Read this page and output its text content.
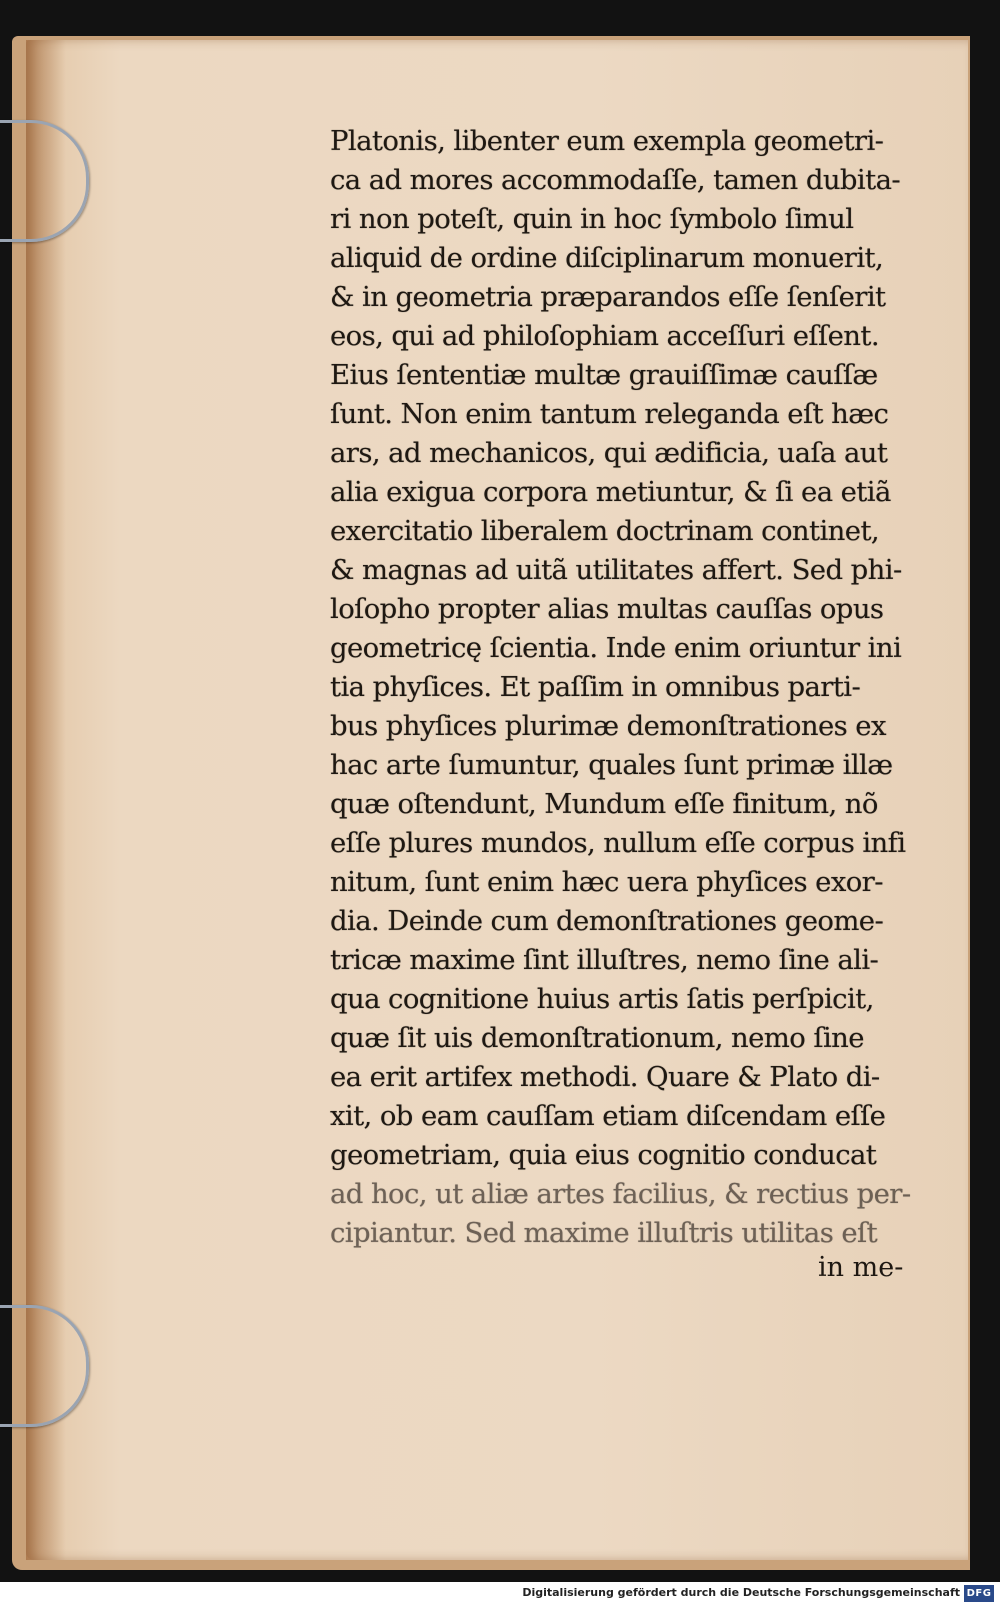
Platonis, libenter eum exempla geometri-
ca ad mores accommodaſſe, tamen dubita-
ri non poteſt, quin in hoc ſymbolo ſimul
aliquid de ordine diſciplinarum monuerit,
& in geometria præparandos eſſe ſenſerit
eos, qui ad philoſophiam acceſſuri eſſent.
Eius ſententiæ multæ grauiſſimæ cauſſæ
ſunt. Non enim tantum releganda eſt hæc
ars, ad mechanicos, qui ædificia, uaſa aut
alia exigua corpora metiuntur, & ſi ea etiã
exercitatio liberalem doctrinam continet,
& magnas ad uitã utilitates affert. Sed phi-
loſopho propter alias multas cauſſas opus
geometricę ſcientia. Inde enim oriuntur ini
tia phyſices. Et paſſim in omnibus parti-
bus phyſices plurimæ demonſtrationes ex
hac arte ſumuntur, quales ſunt primæ illæ
quæ oſtendunt, Mundum eſſe finitum, nõ
eſſe plures mundos, nullum eſſe corpus infi
nitum, ſunt enim hæc uera phyſices exor-
dia. Deinde cum demonſtrationes geome-
tricæ maxime ſint illuſtres, nemo ſine ali-
qua cognitione huius artis ſatis perſpicit,
quæ ſit uis demonſtrationum, nemo ſine
ea erit artifex methodi. Quare & Plato di-
xit, ob eam cauſſam etiam diſcendam eſſe
geometriam, quia eius cognitio conducat
ad hoc, ut aliæ artes facilius, & rectius per-
cipiantur. Sed maxime illuſtris utilitas eſt
in me-
Digitalisierung gefördert durch die Deutsche Forschungsgemeinschaft DFG
